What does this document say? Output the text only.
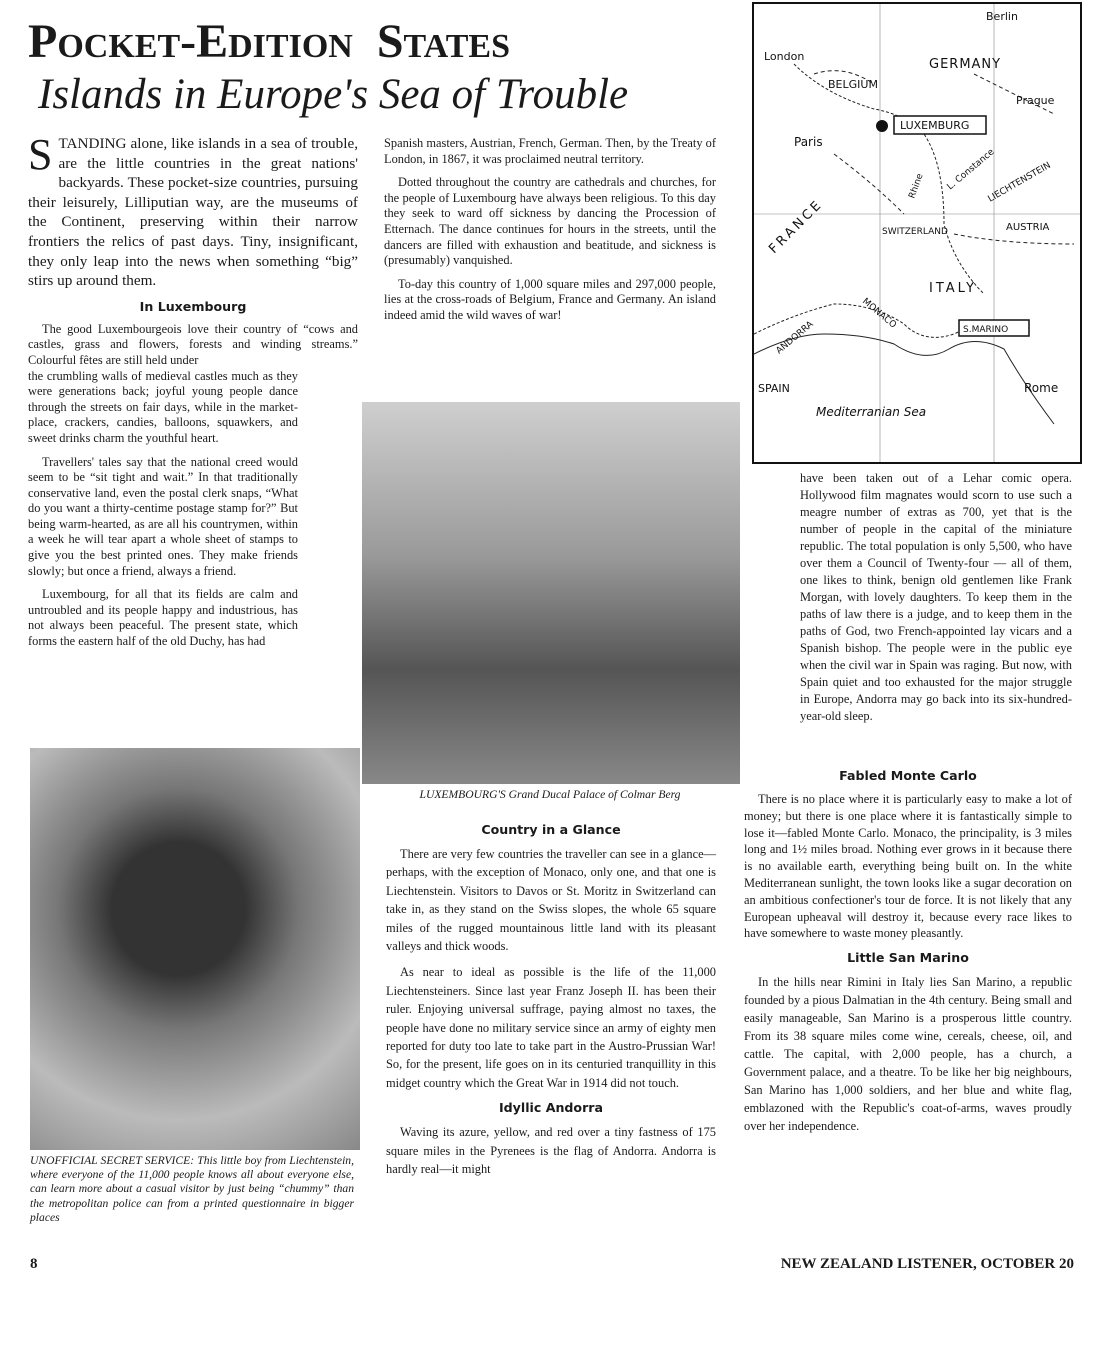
Pocket-Edition States
Islands in Europe's Sea of Trouble

STANDING alone, like islands in a sea of trouble, are the little countries in the great nations' backyards. These pocket-size countries, pursuing their leisurely, Lilliputian way, are the museums of the Continent, preserving within their narrow frontiers the relics of past days. Tiny, insignificant, they only leap into the news when something “big” stirs up around them.

In Luxembourg

The good Luxembourgeois love their country of “cows and castles, grass and flowers, forests and winding streams.” Colourful fêtes are still held under

the crumbling walls of medieval castles much as they were generations back; joyful young people dance through the streets on fair days, while in the market-place, crackers, candies, balloons, squawkers, and sweet drinks charm the youthful heart.

Travellers' tales say that the national creed would seem to be “sit tight and wait.” In that traditionally conservative land, even the postal clerk snaps, “What do you want a thirty-centime postage stamp for?” But being warm-hearted, as are all his countrymen, within a week he will tear apart a whole sheet of stamps to give you the best printed ones. They make friends slowly; but once a friend, always a friend.

Luxembourg, for all that its fields are calm and untroubled and its people happy and industrious, has not always been peaceful. The present state, which forms the eastern half of the old Duchy, has had

Spanish masters, Austrian, French, German. Then, by the Treaty of London, in 1867, it was proclaimed neutral territory.

Dotted throughout the country are cathedrals and churches, for the people of Luxembourg have always been religious. To this day they seek to ward off sickness by dancing the Procession of Etternach. The dance continues for hours in the streets, until the dancers are filled with exhaustion and beatitude, and sickness is (presumably) vanquished.

To-day this country of 1,000 square miles and 297,000 people, lies at the cross-roads of Belgium, France and Germany. An island indeed amid the wild waves of war!

London
Berlin
GERMANY
BELGIUM
Prague
Paris
LUXEMBURG
FRANCE
Rhine L. Constance
LIECHTENSTEIN
AUSTRIA
SWITZERLAND
ITALY
MONACO
ANDORRA	S.MARINO
SPAIN	Rome
Mediterranian Sea
LUXEMBOURG'S Grand Ducal Palace of Colmar Berg

have been taken out of a Lehar comic opera. Hollywood film magnates would scorn to use such a meagre number of extras as 700, yet that is the number of people in the capital of the miniature republic. The total population is only 5,500, who have over them a Council of Twenty-four — all of them, one likes to think, benign old gentlemen like Frank Morgan, with lovely daughters. To keep them in the paths of law there is a judge, and to keep them in the paths of God, two French-appointed lay vicars and a Spanish bishop. The people were in the public eye when the civil war in Spain was raging. But now, with Spain quiet and too exhausted for the major struggle in Europe, Andorra may go back into its six-hundred-year-old sleep.

Fabled Monte Carlo

There is no place where it is particularly easy to make a lot of money; but there is one place where it is fantastically simple to lose it—fabled Monte Carlo. Monaco, the principality, is 3 miles long and 1½ miles broad. Nothing ever grows in it because there is no available earth, everything being built on. In the white Mediterranean sunlight, the town looks like a sugar decoration on an ambitious confectioner's tour de force. It is not likely that any European upheaval will destroy it, because every race likes to have somewhere to waste money pleasantly.

Little San Marino

In the hills near Rimini in Italy lies San Marino, a republic founded by a pious Dalmatian in the 4th century. Being small and easily manageable, San Marino is a prosperous little country. From its 38 square miles come wine, cereals, cheese, oil, and cattle. The capital, with 2,000 people, has a church, a Government palace, and a theatre. To be like her big neighbours, San Marino has 1,000 soldiers, and her blue and white flag, emblazoned with the Republic's coat-of-arms, waves proudly over her independence.

UNOFFICIAL SECRET SERVICE: This little boy from Liechtenstein, where everyone of the 11,000 people knows all about everyone else, can learn more about a casual visitor by just being “chummy” than the metropolitan police can from a printed questionnaire in bigger places
Country in a Glance

There are very few countries the traveller can see in a glance—perhaps, with the exception of Monaco, only one, and that one is Liechtenstein. Visitors to Davos or St. Moritz in Switzerland can take in, as they stand on the Swiss slopes, the whole 65 square miles of the rugged mountainous little land with its pleasant valleys and thick woods.

As near to ideal as possible is the life of the 11,000 Liechtensteiners. Since last year Franz Joseph II. has been their ruler. Enjoying universal suffrage, paying almost no taxes, the people have done no military service since an army of eighty men reported for duty too late to take part in the Austro-Prussian War! So, for the present, life goes on in its centuried tranquillity in this midget country which the Great War in 1914 did not touch.

Idyllic Andorra

Waving its azure, yellow, and red over a tiny fastness of 175 square miles in the Pyrenees is the flag of Andorra. Andorra is hardly real—it might

8	NEW ZEALAND LISTENER, OCTOBER 20
